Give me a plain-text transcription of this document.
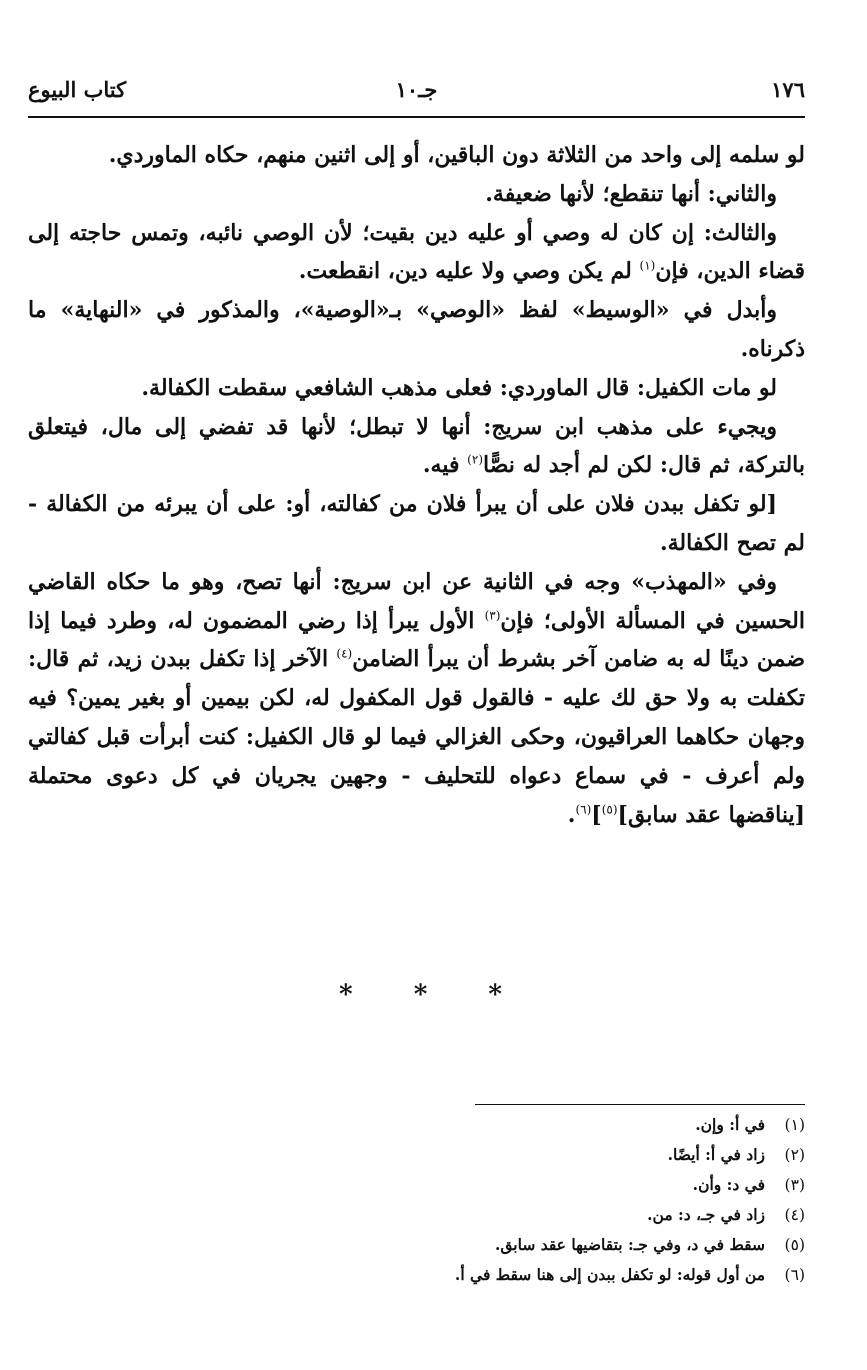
١٧٦
جـ١٠
كتاب البيوع

لو سلمه إلى واحد من الثلاثة دون الباقين، أو إلى اثنين منهم، حكاه الماوردي.

والثاني: أنها تنقطع؛ لأنها ضعيفة.

والثالث: إن كان له وصي أو عليه دين بقيت؛ لأن الوصي نائبه، وتمس حاجته إلى قضاء الدين، فإن$^{(١)}$ لم يكن وصي ولا عليه دين، انقطعت.

وأبدل في «الوسيط» لفظ «الوصي» بـ«الوصية»، والمذكور في «النهاية» ما ذكرناه.

لو مات الكفيل: قال الماوردي: فعلى مذهب الشافعي سقطت الكفالة.

ويجيء على مذهب ابن سريج: أنها لا تبطل؛ لأنها قد تفضي إلى مال، فيتعلق بالتركة، ثم قال: لكن لم أجد له نصًّا$^{(٢)}$ فيه.

[لو تكفل ببدن فلان على أن يبرأ فلان من كفالته، أو: على أن يبرئه من الكفالة - لم تصح الكفالة.

وفي «المهذب» وجه في الثانية عن ابن سريج: أنها تصح، وهو ما حكاه القاضي الحسين في المسألة الأولى؛ فإن$^{(٣)}$ الأول يبرأ إذا رضي المضمون له، وطرد فيما إذا ضمن دينًا له به ضامن آخر بشرط أن يبرأ الضامن$^{(٤)}$ الآخر إذا تكفل ببدن زيد، ثم قال: تكفلت به ولا حق لك عليه - فالقول قول المكفول له، لكن بيمين أو بغير يمين؟ فيه وجهان حكاهما العراقيون، وحكى الغزالي فيما لو قال الكفيل: كنت أبرأت قبل كفالتي ولم أعرف - في سماع دعواه للتحليف - وجهين يجريان في كل دعوى محتملة [يناقضها عقد سابق]$^{(٥)}$]$^{(٦)}$.

* * *
(١)في أ: وإن.
(٢)زاد في أ: أيضًا.
(٣)في د: وأن.
(٤)زاد في جـ، د: من.
(٥)سقط في د، وفي جـ: بتقاضيها عقد سابق.
(٦)من أول قوله: لو تكفل ببدن إلى هنا سقط في أ.
